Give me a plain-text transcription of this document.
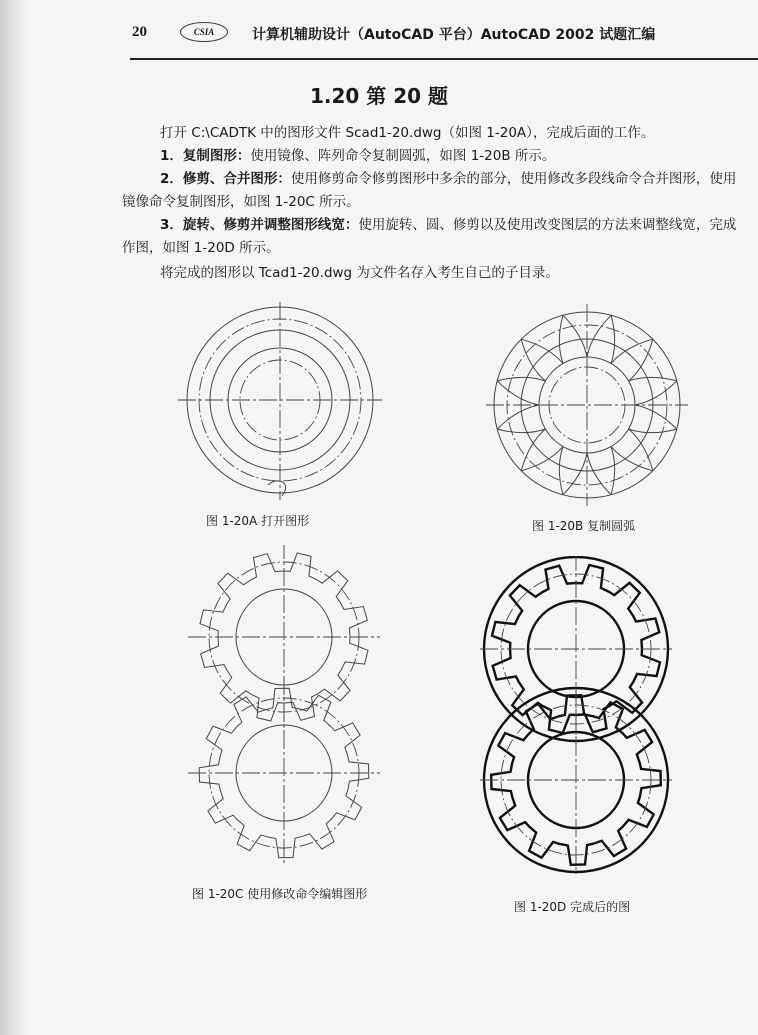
20	CSIA	计算机辅助设计（AutoCAD 平台）AutoCAD 2002 试题汇编
1.20 第 20 题
打开 C:\CADTK 中的图形文件 Scad1-20.dwg（如图 1-20A），完成后面的工作。
1．复制图形：使用镜像、阵列命令复制圆弧，如图 1-20B 所示。
2．修剪、合并图形：使用修剪命令修剪图形中多余的部分，使用修改多段线命令合并图形，使用镜像命令复制图形，如图 1-20C 所示。
3．旋转、修剪并调整图形线宽：使用旋转、圆、修剪以及使用改变图层的方法来调整线宽，完成作图，如图 1-20D 所示。
将完成的图形以 Tcad1-20.dwg 为文件名存入考生自己的子目录。
图 1-20A 打开图形	图 1-20B 复制圆弧
图 1-20C 使用修改命令编辑图形
图 1-20D 完成后的图
